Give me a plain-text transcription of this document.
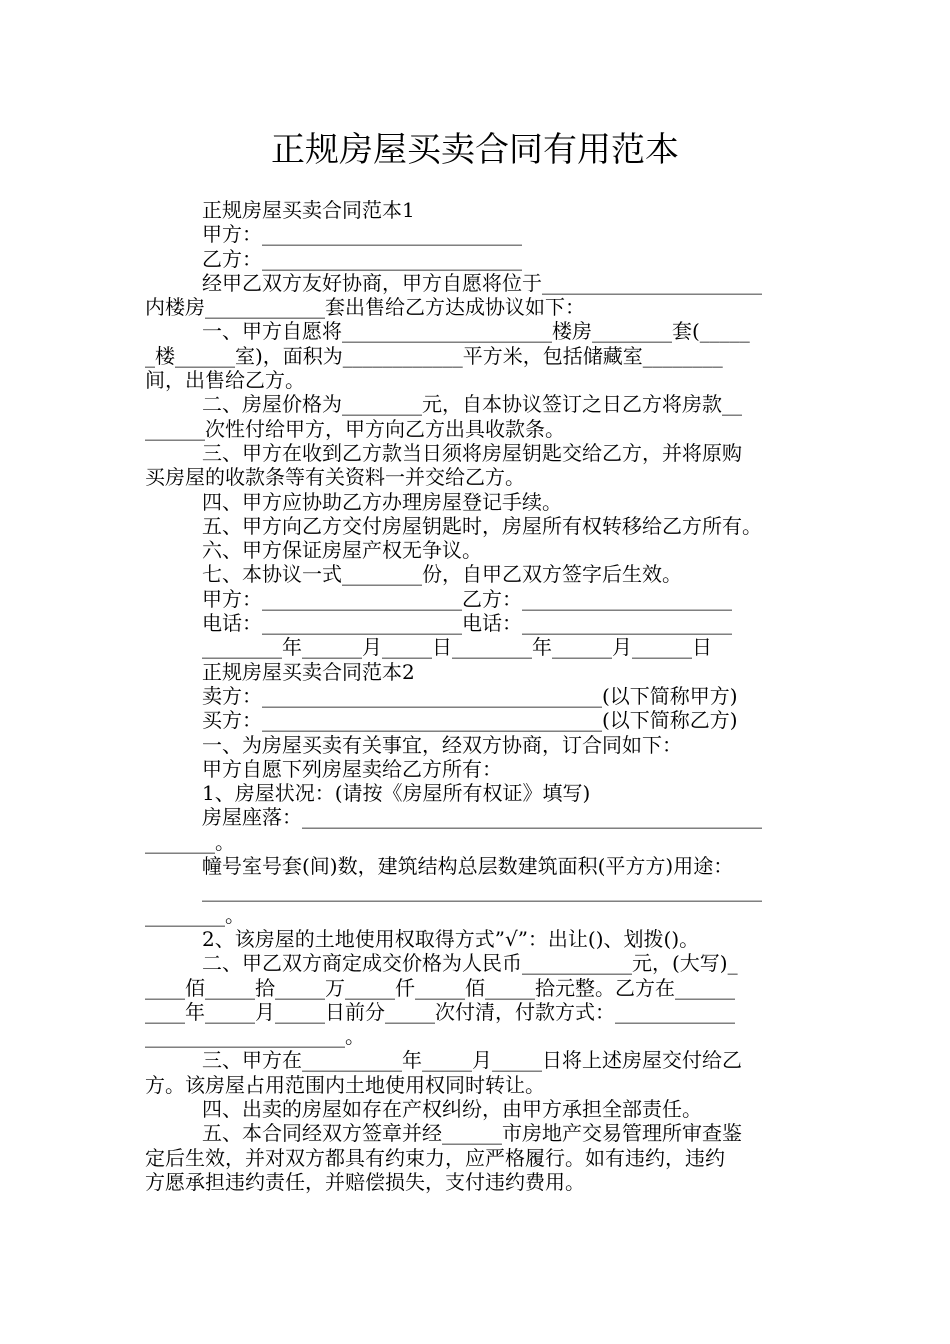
正规房屋买卖合同有用范本
正规房屋买卖合同范本1
甲方：__________________________
乙方：__________________________
经甲乙双方友好协商，甲方自愿将位于______________________
内楼房____________套出售给乙方达成协议如下：
一、甲方自愿将_____________________楼房________套(_____
_楼______室)，面积为____________平方米，包括储藏室________
间，出售给乙方。
二、房屋价格为________元，自本协议签订之日乙方将房款__
______次性付给甲方，甲方向乙方出具收款条。
三、甲方在收到乙方款当日须将房屋钥匙交给乙方，并将原购
买房屋的收款条等有关资料一并交给乙方。
四、甲方应协助乙方办理房屋登记手续。
五、甲方向乙方交付房屋钥匙时，房屋所有权转移给乙方所有。
六、甲方保证房屋产权无争议。
七、本协议一式________份，自甲乙双方签字后生效。
甲方：____________________乙方：_____________________
电话：____________________电话：_____________________
________年______月_____日________年______月______日
正规房屋买卖合同范本2
卖方：__________________________________(以下简称甲方)
买方：__________________________________(以下简称乙方)
一、为房屋买卖有关事宜，经双方协商，订合同如下：
甲方自愿下列房屋卖给乙方所有：
1、房屋状况：(请按《房屋所有权证》填写)
房屋座落：______________________________________________
_______。
幢号室号套(间)数，建筑结构总层数建筑面积(平方方)用途：
________________________________________________________
________。
2、该房屋的土地使用权取得方式”√”：出让()、划拨()。
二、甲乙双方商定成交价格为人民币___________元，(大写)_
____佰_____拾_____万_____仟_____佰_____拾元整。乙方在______
____年_____月_____日前分_____次付清，付款方式：____________
____________________。
三、甲方在__________年_____月_____日将上述房屋交付给乙
方。该房屋占用范围内土地使用权同时转让。
四、出卖的房屋如存在产权纠纷，由甲方承担全部责任。
五、本合同经双方签章并经______市房地产交易管理所审查鉴
定后生效，并对双方都具有约束力，应严格履行。如有违约，违约
方愿承担违约责任，并赔偿损失，支付违约费用。
